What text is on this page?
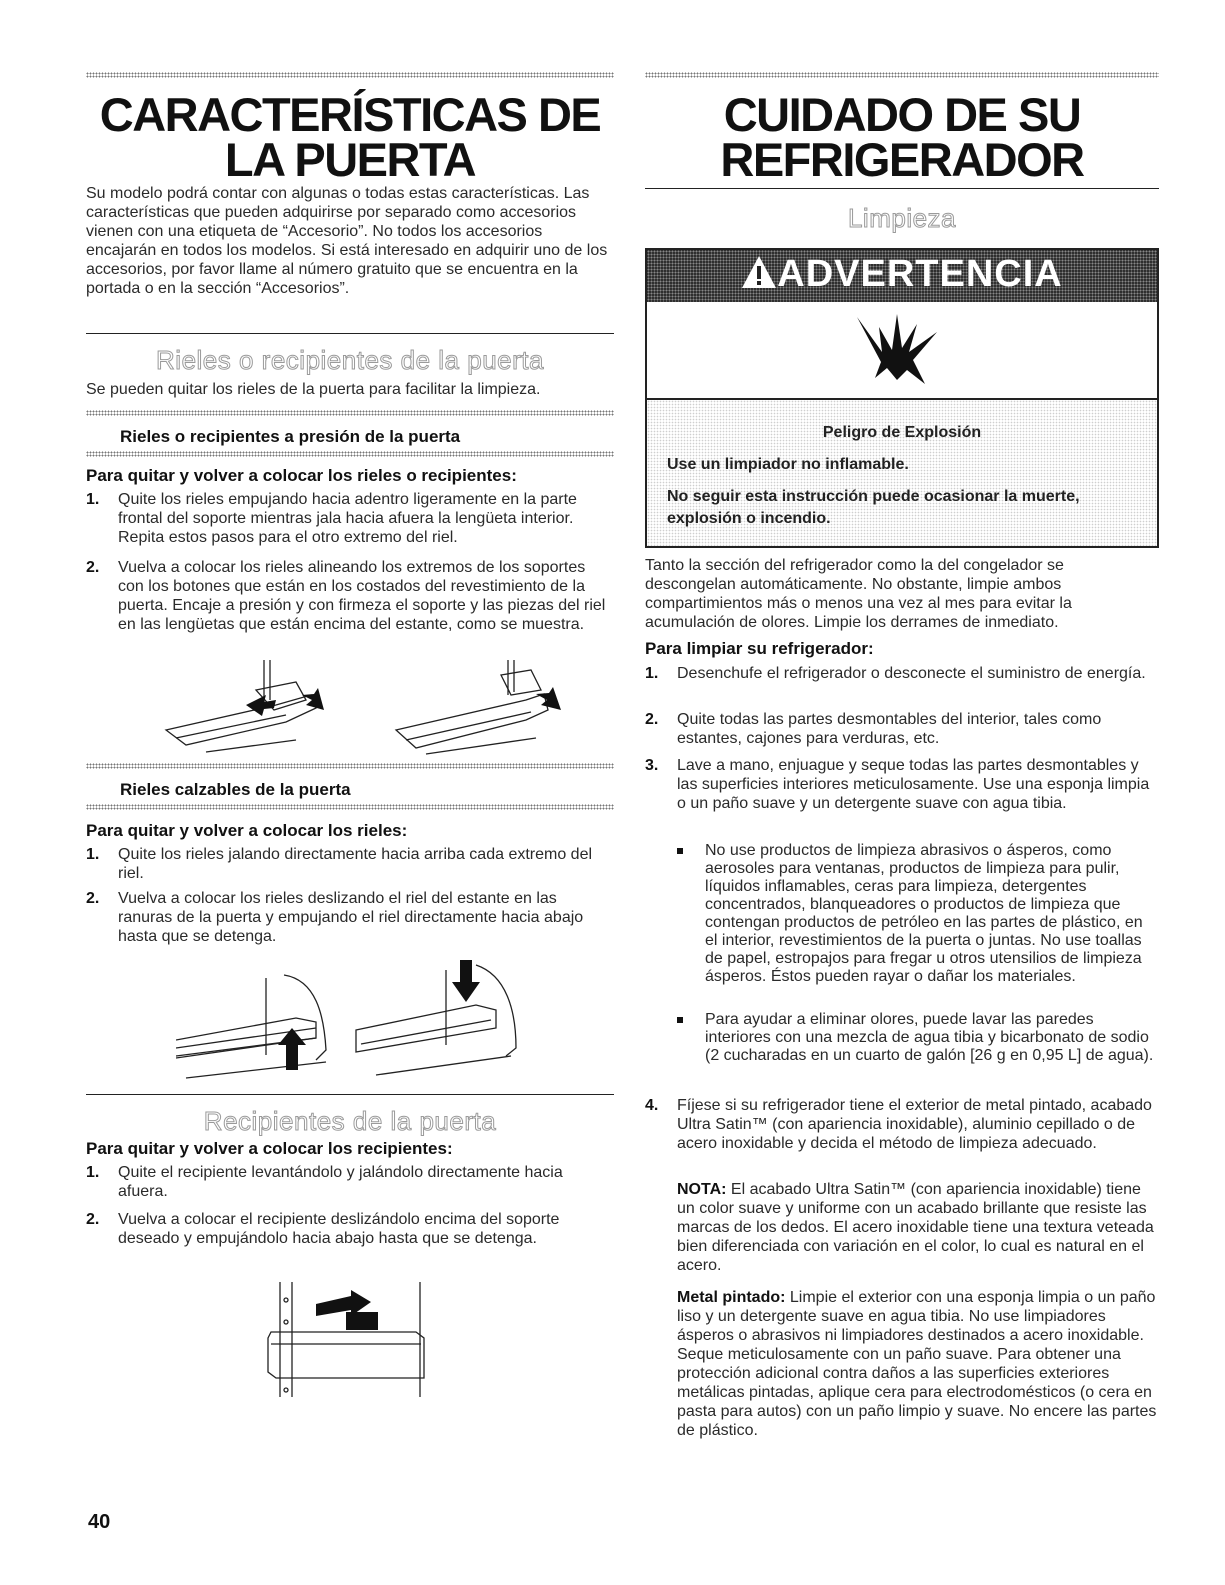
CARACTERÍSTICAS DE
LA PUERTA

Su modelo podrá contar con algunas o todas estas características. Las características que pueden adquirirse por separado como accesorios vienen con una etiqueta de “Accesorio”. No todos los accesorios encajarán en todos los modelos. Si está interesado en adquirir uno de los accesorios, por favor llame al número gratuito que se encuentra en la portada o en la sección “Accesorios”.

Rieles o recipientes de la puerta

Se pueden quitar los rieles de la puerta para facilitar la limpieza.

Rieles o recipientes a presión de la puerta
Para quitar y volver a colocar los rieles o recipientes:
1. Quite los rieles empujando hacia adentro ligeramente en la parte frontal del soporte mientras jala hacia afuera la lengüeta interior. Repita estos pasos para el otro extremo del riel.
2. Vuelva a colocar los rieles alineando los extremos de los soportes con los botones que están en los costados del revestimiento de la puerta. Encaje a presión y con firmeza el soporte y las piezas del riel en las lengüetas que están encima del estante, como se muestra.
Rieles calzables de la puerta
Para quitar y volver a colocar los rieles:
1. Quite los rieles jalando directamente hacia arriba cada extremo del riel.
2. Vuelva a colocar los rieles deslizando el riel del estante en las ranuras de la puerta y empujando el riel directamente hacia abajo hasta que se detenga.
Recipientes de la puerta
Para quitar y volver a colocar los recipientes:
1. Quite el recipiente levantándolo y jalándolo directamente hacia afuera.
2. Vuelva a colocar el recipiente deslizándolo encima del soporte deseado y empujándolo hacia abajo hasta que se detenga.
CUIDADO DE SU
REFRIGERADOR
Limpieza
ADVERTENCIA
Peligro de Explosión
Use un limpiador no inflamable.
No seguir esta instrucción puede ocasionar la muerte, explosión o incendio.

Tanto la sección del refrigerador como la del congelador se descongelan automáticamente. No obstante, limpie ambos compartimientos más o menos una vez al mes para evitar la acumulación de olores. Limpie los derrames de inmediato.

Para limpiar su refrigerador:
1. Desenchufe el refrigerador o desconecte el suministro de energía.
2. Quite todas las partes desmontables del interior, tales como estantes, cajones para verduras, etc.
3. Lave a mano, enjuague y seque todas las partes desmontables y las superficies interiores meticulosamente. Use una esponja limpia o un paño suave y un detergente suave con agua tibia.
No use productos de limpieza abrasivos o ásperos, como aerosoles para ventanas, productos de limpieza para pulir, líquidos inflamables, ceras para limpieza, detergentes concentrados, blanqueadores o productos de limpieza que contengan productos de petróleo en las partes de plástico, en el interior, revestimientos de la puerta o juntas. No use toallas de papel, estropajos para fregar u otros utensilios de limpieza ásperos. Éstos pueden rayar o dañar los materiales.
Para ayudar a eliminar olores, puede lavar las paredes interiores con una mezcla de agua tibia y bicarbonato de sodio (2 cucharadas en un cuarto de galón [26 g en 0,95 L] de agua).
4. Fíjese si su refrigerador tiene el exterior de metal pintado, acabado Ultra Satin™ (con apariencia inoxidable), aluminio cepillado o de acero inoxidable y decida el método de limpieza adecuado.

NOTA: El acabado Ultra Satin™ (con apariencia inoxidable) tiene un color suave y uniforme con un acabado brillante que resiste las marcas de los dedos. El acero inoxidable tiene una textura veteada bien diferenciada con variación en el color, lo cual es natural en el acero.

Metal pintado: Limpie el exterior con una esponja limpia o un paño liso y un detergente suave en agua tibia. No use limpiadores ásperos o abrasivos ni limpiadores destinados a acero inoxidable. Seque meticulosamente con un paño suave. Para obtener una protección adicional contra daños a las superficies exteriores metálicas pintadas, aplique cera para electrodomésticos (o cera en pasta para autos) con un paño limpio y suave. No encere las partes de plástico.

40
